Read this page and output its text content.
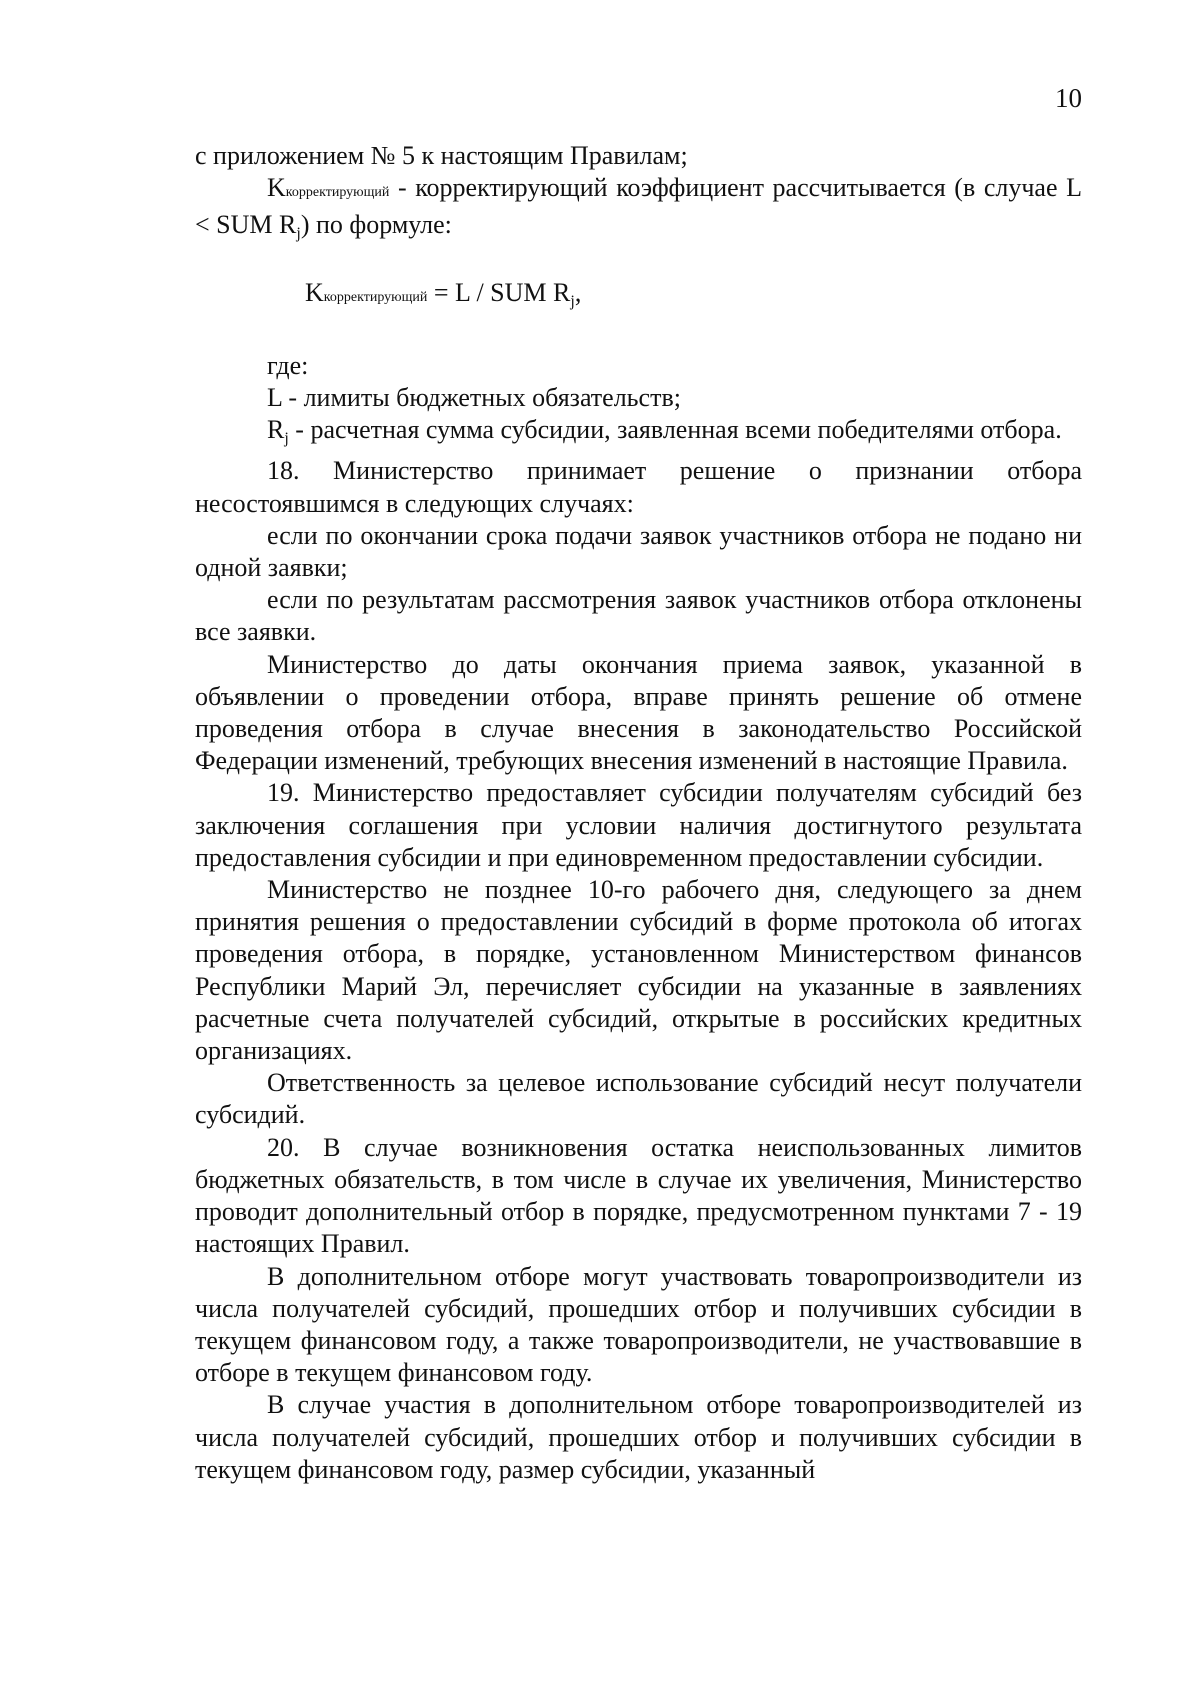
10

с приложением № 5 к настоящим Правилам;

Kкорректирующий - корректирующий коэффициент рассчитывается (в случае L < SUM Rj) по формуле:

Kкорректирующий = L / SUM Rj,

где:

L - лимиты бюджетных обязательств;

Rj - расчетная сумма субсидии, заявленная всеми победителями отбора.

18. Министерство принимает решение о признании отбора несостоявшимся в следующих случаях:

если по окончании срока подачи заявок участников отбора не подано ни одной заявки;

если по результатам рассмотрения заявок участников отбора отклонены все заявки.

Министерство до даты окончания приема заявок, указанной в объявлении о проведении отбора, вправе принять решение об отмене проведения отбора в случае внесения в законодательство Российской Федерации изменений, требующих внесения изменений в настоящие Правила.

19. Министерство предоставляет субсидии получателям субсидий без заключения соглашения при условии наличия достигнутого результата предоставления субсидии и при единовременном предоставлении субсидии.

Министерство не позднее 10-го рабочего дня, следующего за днем принятия решения о предоставлении субсидий в форме протокола об итогах проведения отбора, в порядке, установленном Министерством финансов Республики Марий Эл, перечисляет субсидии на указанные в заявлениях расчетные счета получателей субсидий, открытые в российских кредитных организациях.

Ответственность за целевое использование субсидий несут получатели субсидий.

20. В случае возникновения остатка неиспользованных лимитов бюджетных обязательств, в том числе в случае их увеличения, Министерство проводит дополнительный отбор в порядке, предусмотренном пунктами 7 - 19 настоящих Правил.

В дополнительном отборе могут участвовать товаропроизводители из числа получателей субсидий, прошедших отбор и получивших субсидии в текущем финансовом году, а также товаропроизводители, не участвовавшие в отборе в текущем финансовом году.

В случае участия в дополнительном отборе товаропроизводителей из числа получателей субсидий, прошедших отбор и получивших субсидии в текущем финансовом году, размер субсидии, указанный
